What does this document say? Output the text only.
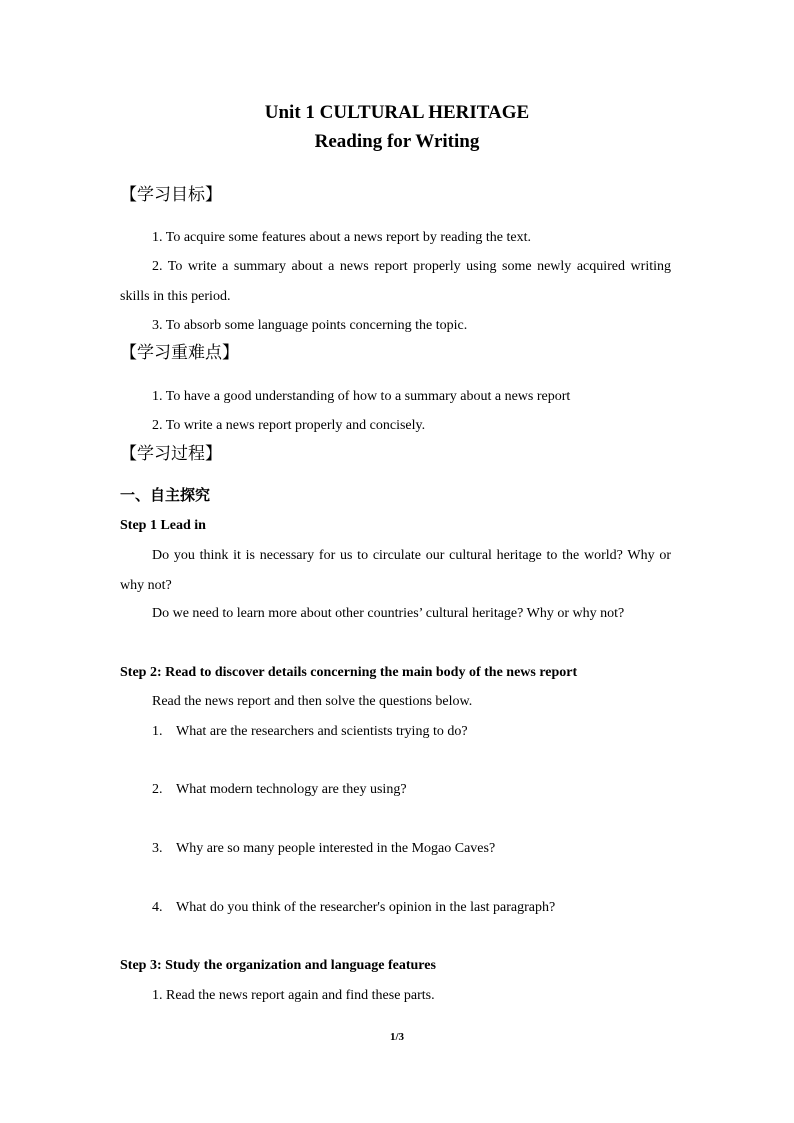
Unit 1 CULTURAL HERITAGE
Reading for Writing
【学习目标】
1. To acquire some features about a news report by reading the text.
2. To write a summary about a news report properly using some newly acquired writing skills in this period.
3. To absorb some language points concerning the topic.
【学习重难点】
1. To have a good understanding of how to a summary about a news report
2. To write a news report properly and concisely.
【学习过程】
一、自主探究
Step 1 Lead in
Do you think it is necessary for us to circulate our cultural heritage to the world? Why or why not?
Do we need to learn more about other countries’ cultural heritage? Why or why not?
Step 2: Read to discover details concerning the main body of the news report
Read the news report and then solve the questions below.
1. What are the researchers and scientists trying to do?
2. What modern technology are they using?
3. Why are so many people interested in the Mogao Caves?
4. What do you think of the researcher's opinion in the last paragraph?
Step 3: Study the organization and language features
1. Read the news report again and find these parts.
1/3
